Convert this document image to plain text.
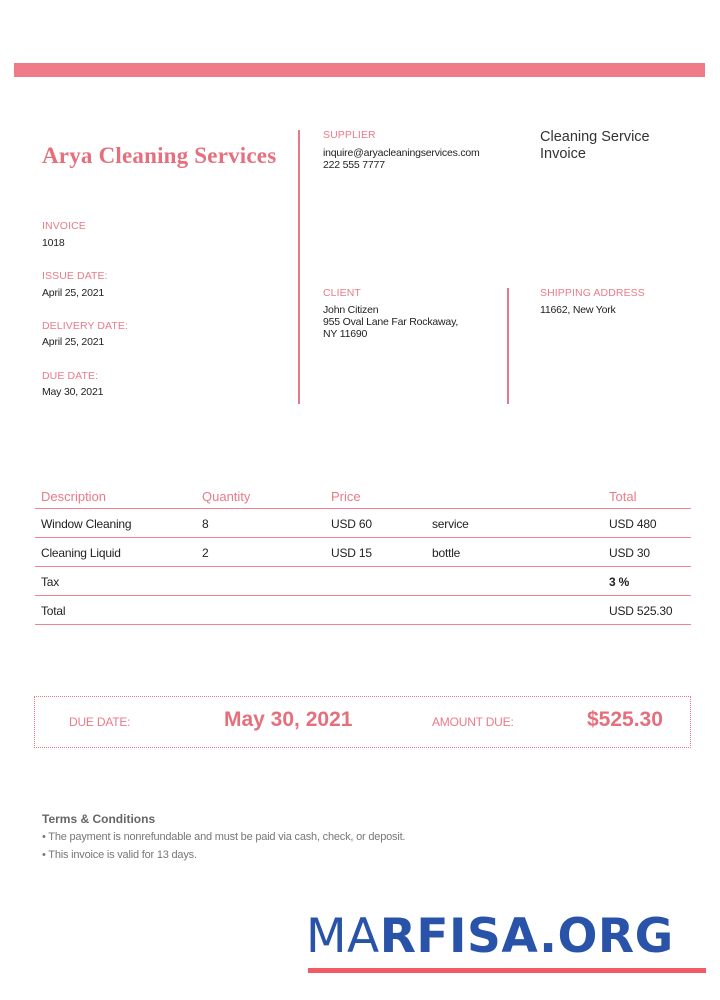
Arya Cleaning Services
SUPPLIER
inquire@aryacleaningservices.com
222 555 7777
Cleaning Service
Invoice
INVOICE
1018
ISSUE DATE:
April 25, 2021
DELIVERY DATE:
April 25, 2021
DUE DATE:
May 30, 2021
CLIENT
John Citizen
955 Oval Lane Far Rockaway,
NY 11690
SHIPPING ADDRESS
11662, New York
Description	Quantity	Price	Total
Window Cleaning	8	USD 60	service	USD 480
Cleaning Liquid	2	USD 15	bottle	USD 30
Tax	3 %
Total	USD 525.30
DUE DATE:	May 30, 2021	AMOUNT DUE:	$525.30
Terms & Conditions
• The payment is nonrefundable and must be paid via cash, check, or deposit.
• This invoice is valid for 13 days.
MARFISA.ORG
